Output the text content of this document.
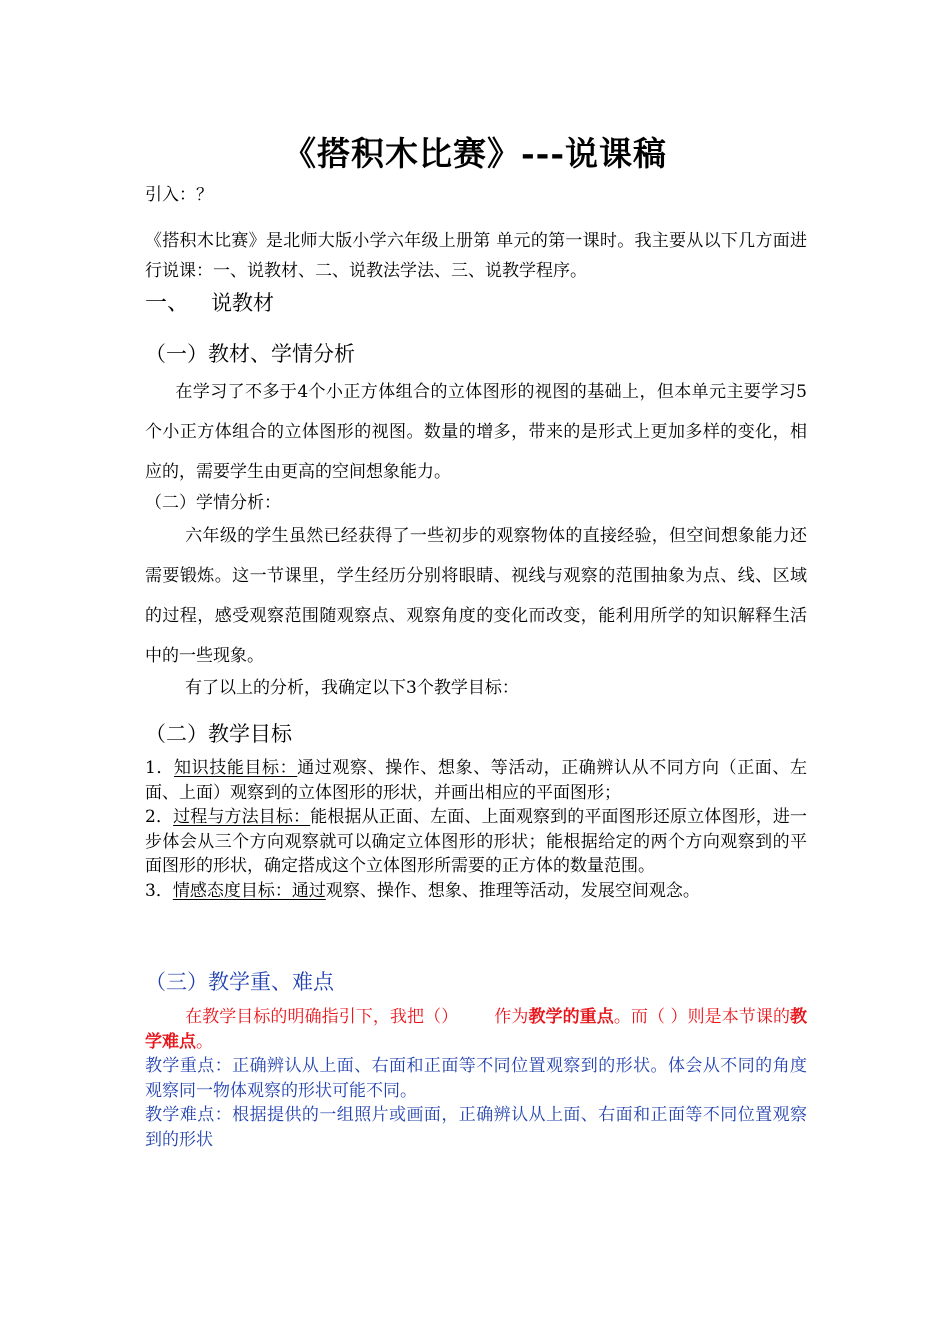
《搭积木比赛》---说课稿
引入：？
《搭积木比赛》是北师大版小学六年级上册第 单元的第一课时。我主要从以下几方面进行说课：一、说教材、二、说教法学法、三、说教学程序。
一、 说教材
（一）教材、学情分析
在学习了不多于4个小正方体组合的立体图形的视图的基础上，但本单元主要学习5个小正方体组合的立体图形的视图。数量的增多，带来的是形式上更加多样的变化，相应的，需要学生由更高的空间想象能力。
（二）学情分析：
六年级的学生虽然已经获得了一些初步的观察物体的直接经验，但空间想象能力还需要锻炼。这一节课里，学生经历分别将眼睛、视线与观察的范围抽象为点、线、区域的过程，感受观察范围随观察点、观察角度的变化而改变，能利用所学的知识解释生活中的一些现象。
有了以上的分析，我确定以下3个教学目标：
（二）教学目标
1．知识技能目标：通过观察、操作、想象、等活动，正确辨认从不同方向（正面、左面、上面）观察到的立体图形的形状，并画出相应的平面图形；
2．过程与方法目标：能根据从正面、左面、上面观察到的平面图形还原立体图形，进一步体会从三个方向观察就可以确定立体图形的形状；能根据给定的两个方向观察到的平面图形的形状，确定搭成这个立体图形所需要的正方体的数量范围。
3．情感态度目标：通过观察、操作、想象、推理等活动，发展空间观念。
（三）教学重、难点
在教学目标的明确指引下，我把（） 作为教学的重点。而（ ）则是本节课的教学难点。
教学重点：正确辨认从上面、右面和正面等不同位置观察到的形状。体会从不同的角度观察同一物体观察的形状可能不同。
教学难点：根据提供的一组照片或画面，正确辨认从上面、右面和正面等不同位置观察到的形状
